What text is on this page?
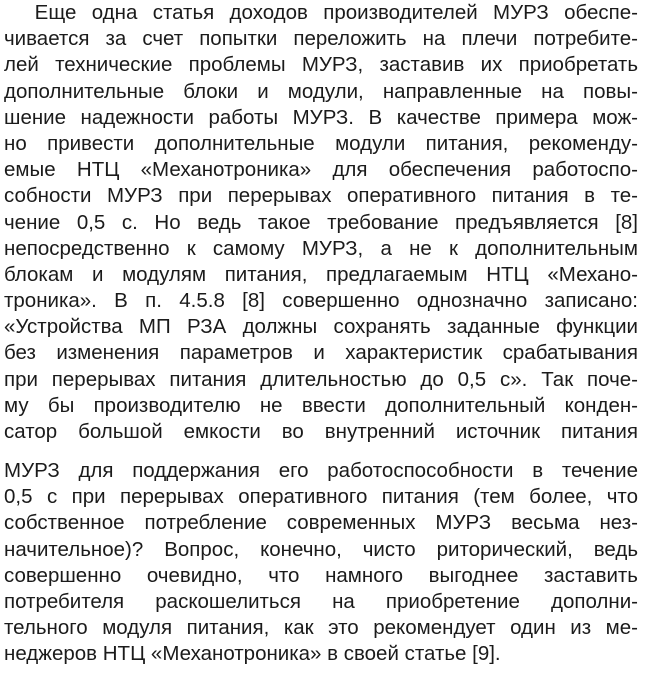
Еще одна статья доходов производителей МУРЗ обеспе-
чивается за счет попытки переложить на плечи потребите-
лей технические проблемы МУРЗ, заставив их приобретать
дополнительные блоки и модули, направленные на повы-
шение надежности работы МУРЗ. В качестве примера мож-
но привести дополнительные модули питания, рекоменду-
емые НТЦ «Механотроника» для обеспечения работоспо-
собности МУРЗ при перерывах оперативного питания в те-
чение 0,5 с. Но ведь такое требование предъявляется [8]
непосредственно к самому МУРЗ, а не к дополнительным
блокам и модулям питания, предлагаемым НТЦ «Механо-
троника». В п. 4.5.8 [8] совершенно однозначно записано:
«Устройства МП РЗА должны сохранять заданные функции
без изменения параметров и характеристик срабатывания
при перерывах питания длительностью до 0,5 с». Так поче-
му бы производителю не ввести дополнительный конден-
сатор большой емкости во внутренний источник питания
МУРЗ для поддержания его работоспособности в течение
0,5 с при перерывах оперативного питания (тем более, что
собственное потребление современных МУРЗ весьма нез-
начительное)? Вопрос, конечно, чисто риторический, ведь
совершенно очевидно, что намного выгоднее заставить
потребителя раскошелиться на приобретение дополни-
тельного модуля питания, как это рекомендует один из ме-
неджеров НТЦ «Механотроника» в своей статье [9].
